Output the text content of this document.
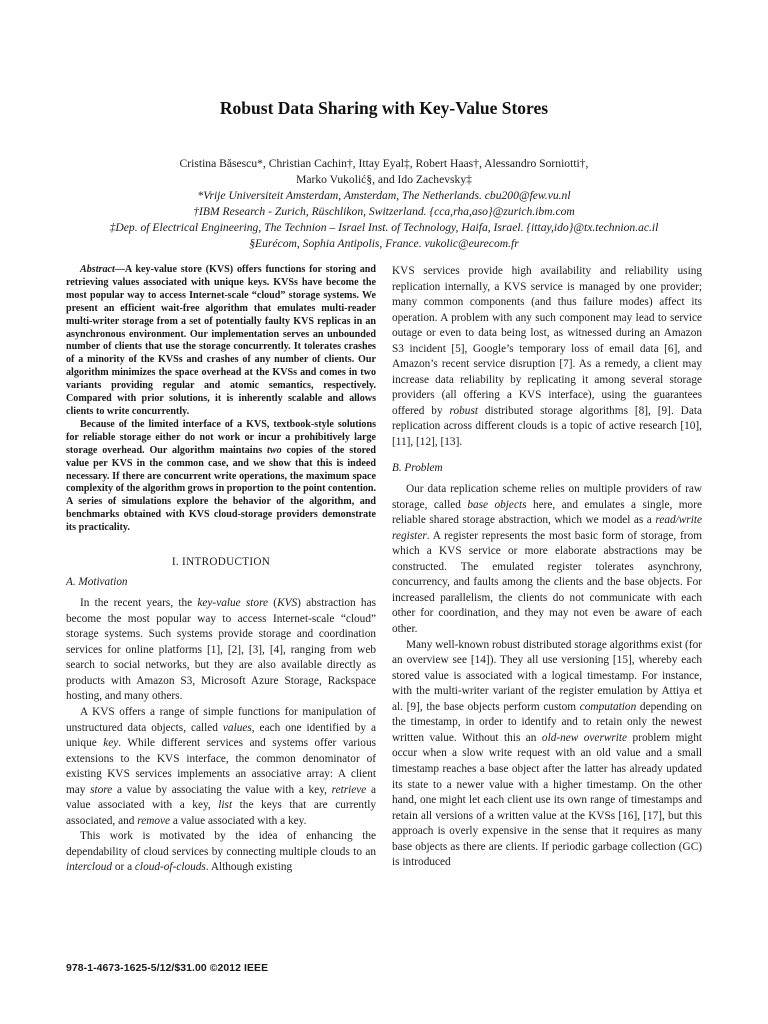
Robust Data Sharing with Key-Value Stores
Cristina Băsescu*, Christian Cachin†, Ittay Eyal‡, Robert Haas†, Alessandro Sorniotti†,
Marko Vukolić§, and Ido Zachevsky‡
*Vrije Universiteit Amsterdam, Amsterdam, The Netherlands. cbu200@few.vu.nl
†IBM Research - Zurich, Rüschlikon, Switzerland. {cca,rha,aso}@zurich.ibm.com
‡Dep. of Electrical Engineering, The Technion – Israel Inst. of Technology, Haifa, Israel. {ittay,ido}@tx.technion.ac.il
§Eurécom, Sophia Antipolis, France. vukolic@eurecom.fr

Abstract—A key-value store (KVS) offers functions for storing and retrieving values associated with unique keys. KVSs have become the most popular way to access Internet-scale “cloud” storage systems. We present an efficient wait-free algorithm that emulates multi-reader multi-writer storage from a set of potentially faulty KVS replicas in an asynchronous environment. Our implementation serves an unbounded number of clients that use the storage concurrently. It tolerates crashes of a minority of the KVSs and crashes of any number of clients. Our algorithm minimizes the space overhead at the KVSs and comes in two variants providing regular and atomic semantics, respectively. Compared with prior solutions, it is inherently scalable and allows clients to write concurrently.

Because of the limited interface of a KVS, textbook-style solutions for reliable storage either do not work or incur a prohibitively large storage overhead. Our algorithm maintains two copies of the stored value per KVS in the common case, and we show that this is indeed necessary. If there are concurrent write operations, the maximum space complexity of the algorithm grows in proportion to the point contention. A series of simulations explore the behavior of the algorithm, and benchmarks obtained with KVS cloud-storage providers demonstrate its practicality.

I. INTRODUCTION
A. Motivation

In the recent years, the key-value store (KVS) abstraction has become the most popular way to access Internet-scale “cloud” storage systems. Such systems provide storage and coordination services for online platforms [1], [2], [3], [4], ranging from web search to social networks, but they are also available directly as products with Amazon S3, Microsoft Azure Storage, Rackspace hosting, and many others.

A KVS offers a range of simple functions for manipulation of unstructured data objects, called values, each one identified by a unique key. While different services and systems offer various extensions to the KVS interface, the common denominator of existing KVS services implements an associative array: A client may store a value by associating the value with a key, retrieve a value associated with a key, list the keys that are currently associated, and remove a value associated with a key.

This work is motivated by the idea of enhancing the dependability of cloud services by connecting multiple clouds to an intercloud or a cloud-of-clouds. Although existing

KVS services provide high availability and reliability using replication internally, a KVS service is managed by one provider; many common components (and thus failure modes) affect its operation. A problem with any such component may lead to service outage or even to data being lost, as witnessed during an Amazon S3 incident [5], Google’s temporary loss of email data [6], and Amazon’s recent service disruption [7]. As a remedy, a client may increase data reliability by replicating it among several storage providers (all offering a KVS interface), using the guarantees offered by robust distributed storage algorithms [8], [9]. Data replication across different clouds is a topic of active research [10], [11], [12], [13].

B. Problem

Our data replication scheme relies on multiple providers of raw storage, called base objects here, and emulates a single, more reliable shared storage abstraction, which we model as a read/write register. A register represents the most basic form of storage, from which a KVS service or more elaborate abstractions may be constructed. The emulated register tolerates asynchrony, concurrency, and faults among the clients and the base objects. For increased parallelism, the clients do not communicate with each other for coordination, and they may not even be aware of each other.

Many well-known robust distributed storage algorithms exist (for an overview see [14]). They all use versioning [15], whereby each stored value is associated with a logical timestamp. For instance, with the multi-writer variant of the register emulation by Attiya et al. [9], the base objects perform custom computation depending on the timestamp, in order to identify and to retain only the newest written value. Without this an old-new overwrite problem might occur when a slow write request with an old value and a small timestamp reaches a base object after the latter has already updated its state to a newer value with a higher timestamp. On the other hand, one might let each client use its own range of timestamps and retain all versions of a written value at the KVSs [16], [17], but this approach is overly expensive in the sense that it requires as many base objects as there are clients. If periodic garbage collection (GC) is introduced

978-1-4673-1625-5/12/$31.00 ©2012 IEEE
